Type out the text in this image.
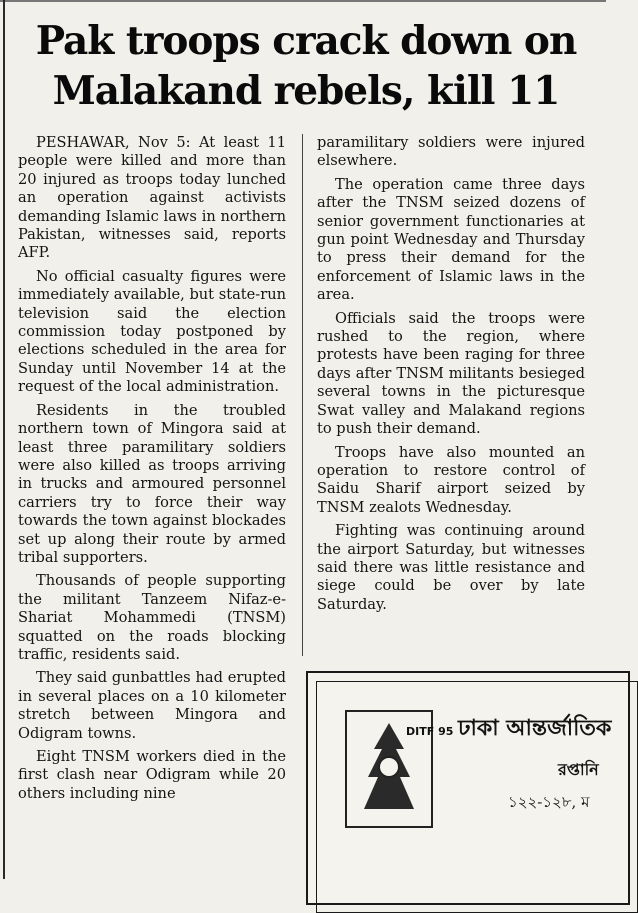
Pak troops crack down on Malakand rebels, kill 11

PESHAWAR, Nov 5: At least 11 people were killed and more than 20 injured as troops today lunched an operation against activists demanding Islamic laws in northern Pakistan, witnesses said, reports AFP.

No official casualty figures were immediately available, but state-run television said the election commission today postponed by elections scheduled in the area for Sunday until November 14 at the request of the local administration.

Residents in the troubled northern town of Mingora said at least three paramilitary soldiers were also killed as troops arriving in trucks and armoured personnel carriers try to force their way towards the town against blockades set up along their route by armed tribal supporters.

Thousands of people supporting the militant Tanzeem Nifaz-e-Shariat Mohammedi (TNSM) squatted on the roads blocking traffic, residents said.

They said gunbattles had erupted in several places on a 10 kilometer stretch between Mingora and Odigram towns.

Eight TNSM workers died in the first clash near Odigram while 20 others including nine

paramilitary soldiers were injured elsewhere.

The operation came three days after the TNSM seized dozens of senior government functionaries at gun point Wednesday and Thursday to press their demand for the enforcement of Islamic laws in the area.

Officials said the troops were rushed to the region, where protests have been raging for three days after TNSM militants besieged several towns in the picturesque Swat valley and Malakand regions to push their demand.

Troops have also mounted an operation to restore control of Saidu Sharif airport seized by TNSM zealots Wednesday.

Fighting was continuing around the airport Saturday, but witnesses said there was little resistance and siege could be over by late Saturday.

DITF 95 ঢাকা আন্তর্জাতিক
রপ্তানি
১২২-১২৮, ম
